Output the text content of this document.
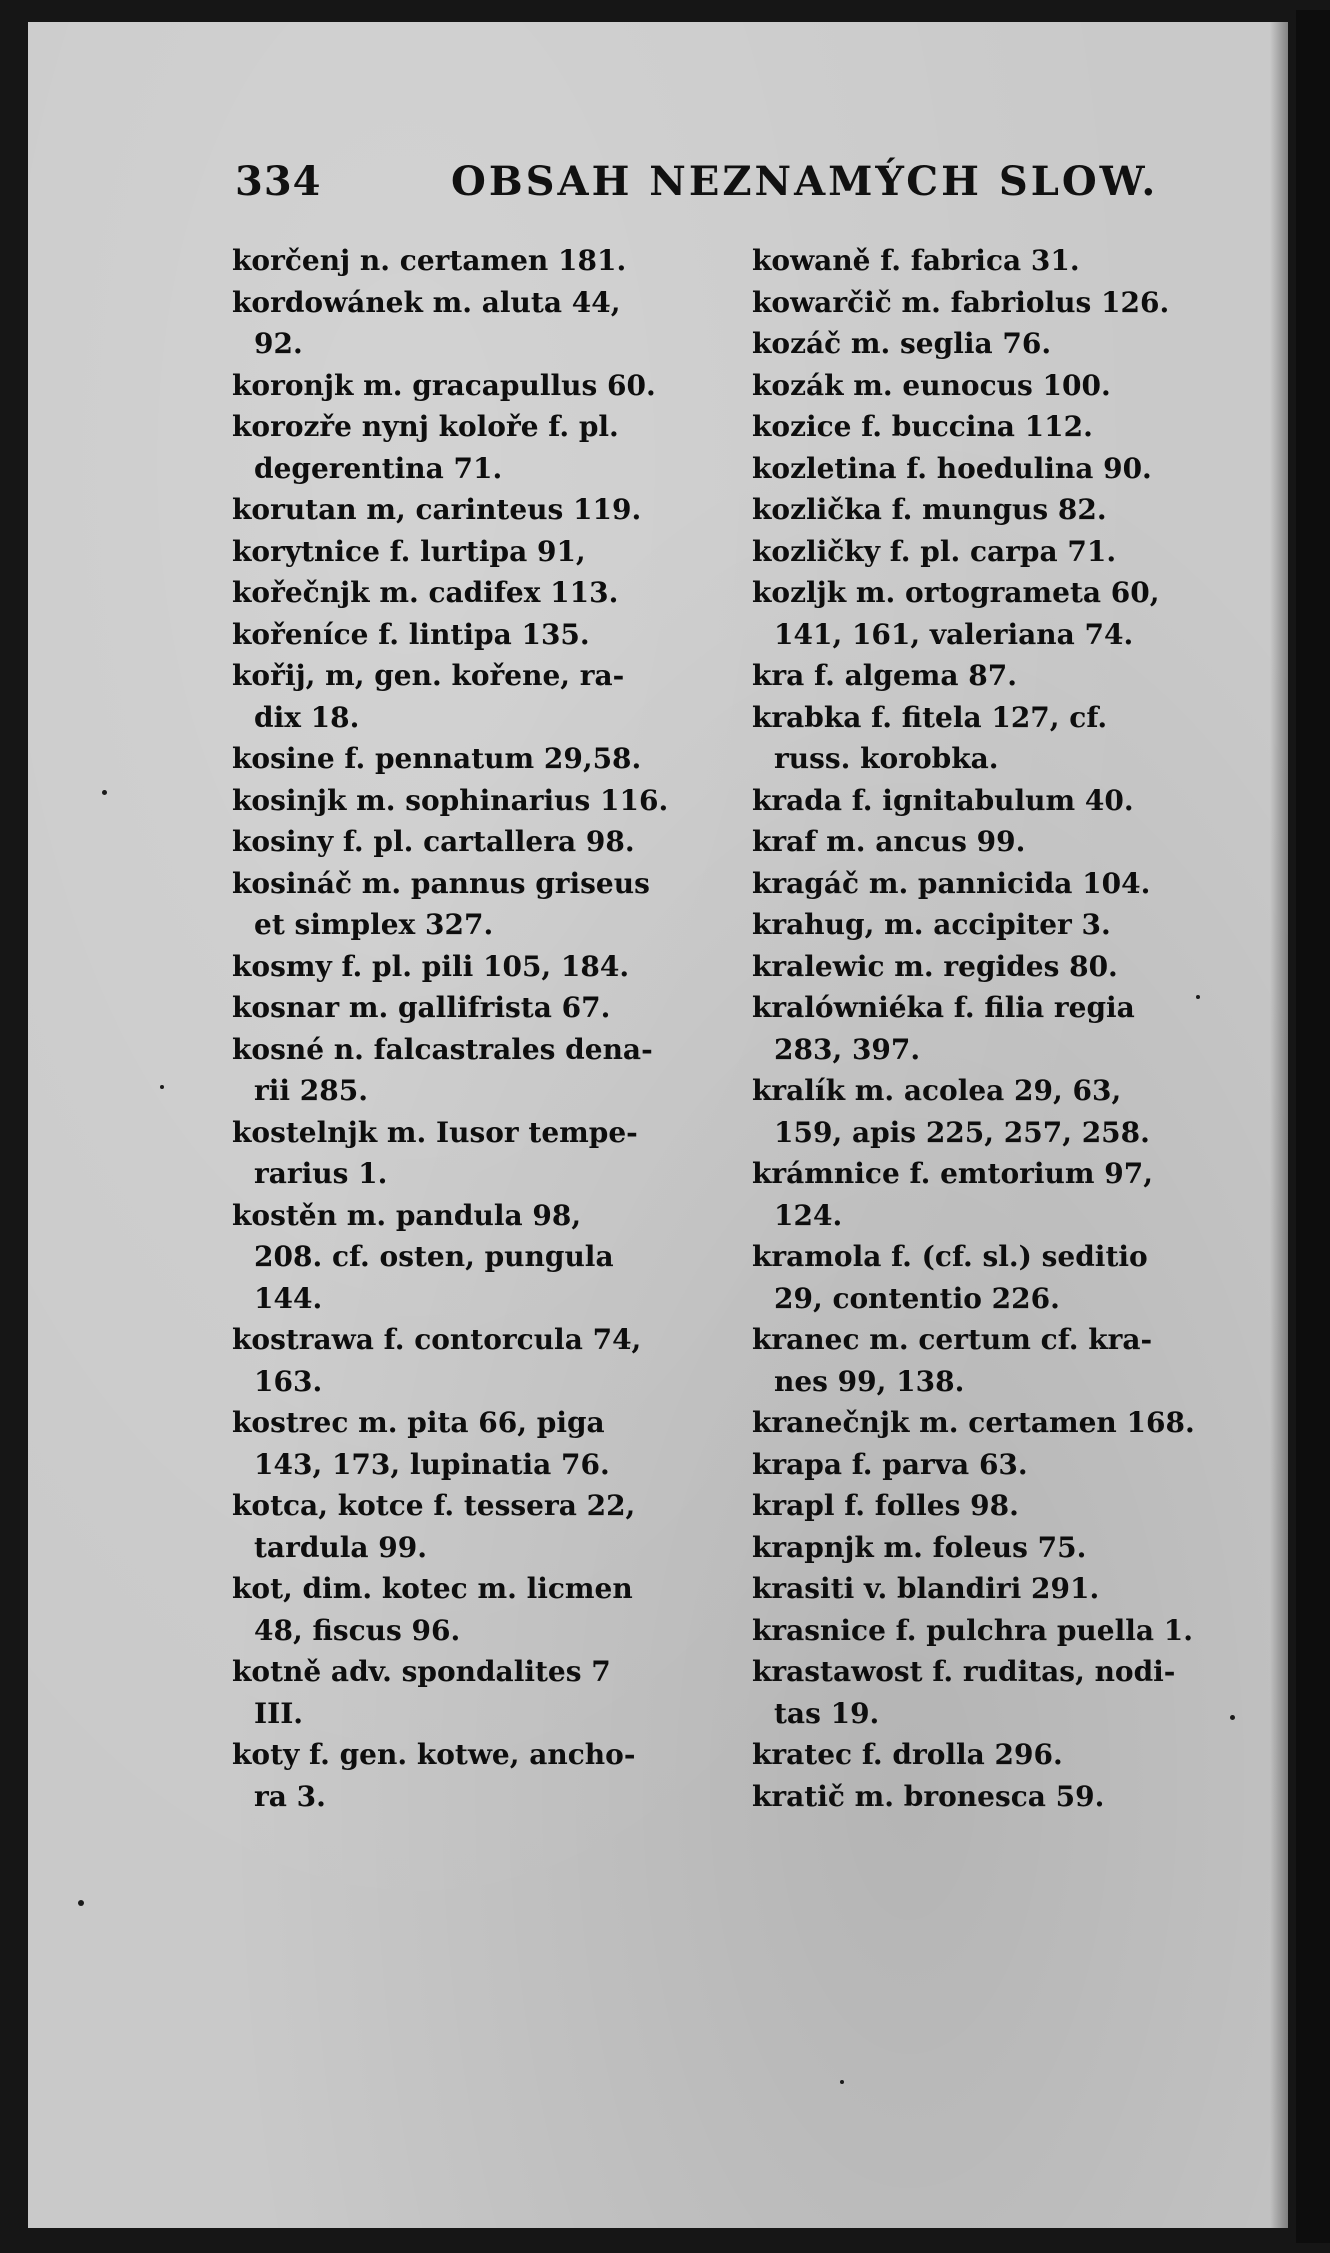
334	OBSAH NEZNAMÝCH SLOW.
korčenj n. certamen 181.
kordowánek m. aluta 44,
92.
koronjk m. gracapullus 60.
korozře nynj koloře f. pl.
degerentina 71.
korutan m, carinteus 119.
korytnice f. lurtipa 91,
kořečnjk m. cadifex 113.
kořeníce f. lintipa 135.
kořij, m, gen. kořene, ra-
dix 18.
kosine f. pennatum 29,58.
kosinjk m. sophinarius 116.
kosiny f. pl. cartallera 98.
kosináč m. pannus griseus
et simplex 327.
kosmy f. pl. pili 105, 184.
kosnar m. gallifrista 67.
kosné n. falcastrales dena-
rii 285.
kostelnjk m. Iusor tempe-
rarius 1.
kostěn m. pandula 98,
208. cf. osten, pungula
144.
kostrawa f. contorcula 74,
163.
kostrec m. pita 66, piga
143, 173, lupinatia 76.
kotca, kotce f. tessera 22,
tardula 99.
kot, dim. kotec m. licmen
48, fiscus 96.
kotně adv. spondalites 7
III.
koty f. gen. kotwe, ancho-
ra 3.
kowaně f. fabrica 31.
kowarčič m. fabriolus 126.
kozáč m. seglia 76.
kozák m. eunocus 100.
kozice f. buccina 112.
kozletina f. hoedulina 90.
kozlička f. mungus 82.
kozličky f. pl. carpa 71.
kozljk m. ortogrameta 60,
141, 161, valeriana 74.
kra f. algema 87.
krabka f. fitela 127, cf.
russ. korobka.
krada f. ignitabulum 40.
kraf m. ancus 99.
kragáč m. pannicida 104.
krahug, m. accipiter 3.
kralewic m. regides 80.
kralówniéka f. filia regia
283, 397.
kralík m. acolea 29, 63,
159, apis 225, 257, 258.
krámnice f. emtorium 97,
124.
kramola f. (cf. sl.) seditio
29, contentio 226.
kranec m. certum cf. kra-
nes 99, 138.
kranečnjk m. certamen 168.
krapa f. parva 63.
krapl f. folles 98.
krapnjk m. foleus 75.
krasiti v. blandiri 291.
krasnice f. pulchra puella 1.
krastawost f. ruditas, nodi-
tas 19.
kratec f. drolla 296.
kratič m. bronesca 59.
